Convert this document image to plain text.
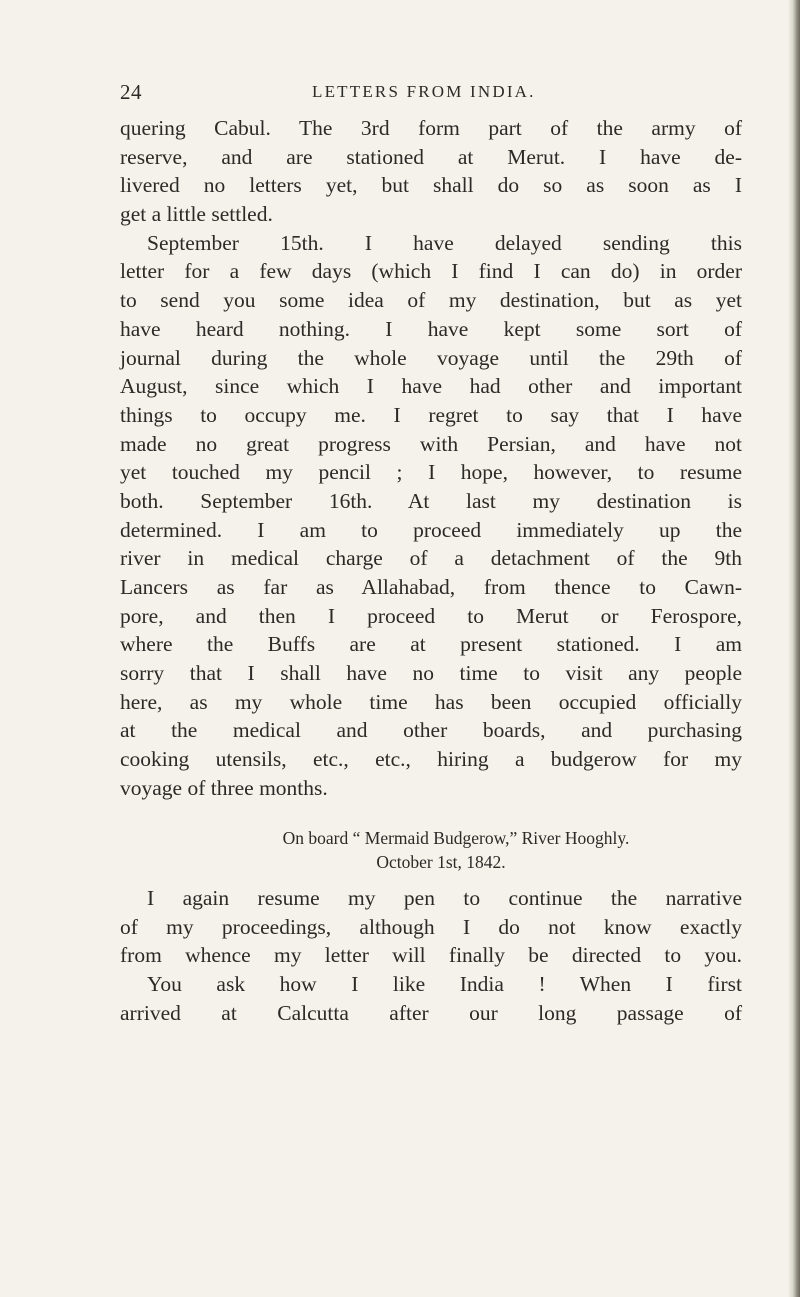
24	LETTERS FROM INDIA.
quering Cabul. The 3rd form part of the army of
reserve, and are stationed at Merut. I have de-
livered no letters yet, but shall do so as soon as I
get a little settled.
September 15th. I have delayed sending this
letter for a few days (which I find I can do) in order
to send you some idea of my destination, but as yet
have heard nothing. I have kept some sort of
journal during the whole voyage until the 29th of
August, since which I have had other and important
things to occupy me. I regret to say that I have
made no great progress with Persian, and have not
yet touched my pencil ; I hope, however, to resume
both. September 16th. At last my destination is
determined. I am to proceed immediately up the
river in medical charge of a detachment of the 9th
Lancers as far as Allahabad, from thence to Cawn-
pore, and then I proceed to Merut or Ferospore,
where the Buffs are at present stationed. I am
sorry that I shall have no time to visit any people
here, as my whole time has been occupied officially
at the medical and other boards, and purchasing
cooking utensils, etc., etc., hiring a budgerow for my
voyage of three months.
On board “ Mermaid Budgerow,” River Hooghly.
October 1st, 1842.
I again resume my pen to continue the narrative
of my proceedings, although I do not know exactly
from whence my letter will finally be directed to you.
You ask how I like India ! When I first
arrived at Calcutta after our long passage of
